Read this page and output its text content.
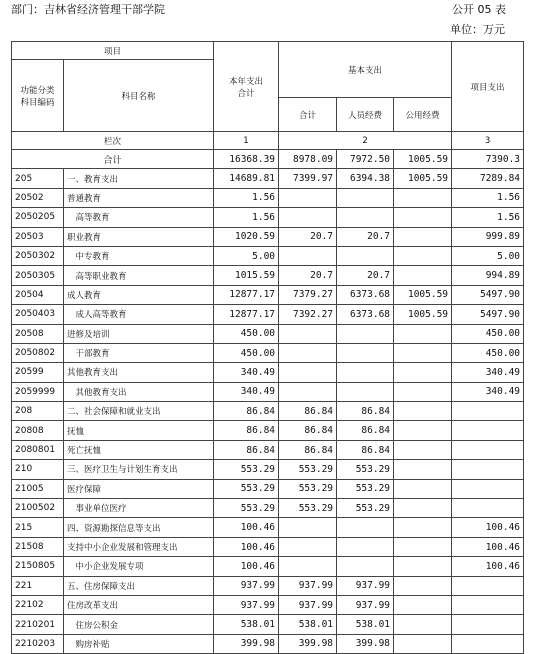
部门：吉林省经济管理干部学院	公开 05 表
单位：万元
项目		本年支出
合计	基本支出			项目支出
功能分类
科目编码	科目名称					
			合计	人员经费	公用经费	
栏次		1	2			3
合计		16368.39	8978.09	7972.50	1005.59	7390.3
205	一、教育支出	14689.81	7399.97	6394.38	1005.59	7289.84
20502	普通教育	1.56				1.56
2050205	　高等教育	1.56				1.56
20503	职业教育	1020.59	20.7	20.7		999.89
2050302	　中专教育	5.00				5.00
2050305	　高等职业教育	1015.59	20.7	20.7		994.89
20504	成人教育	12877.17	7379.27	6373.68	1005.59	5497.90
2050403	　成人高等教育	12877.17	7392.27	6373.68	1005.59	5497.90
20508	进修及培训	450.00				450.00
2050802	　干部教育	450.00				450.00
20599	其他教育支出	340.49				340.49
2059999	　其他教育支出	340.49				340.49
208	二、社会保障和就业支出	86.84	86.84	86.84		
20808	抚恤	86.84	86.84	86.84		
2080801	死亡抚恤	86.84	86.84	86.84		
210	三、医疗卫生与计划生育支出	553.29	553.29	553.29		
21005	医疗保障	553.29	553.29	553.29		
2100502	　事业单位医疗	553.29	553.29	553.29		
215	四、资源勘探信息等支出	100.46				100.46
21508	支持中小企业发展和管理支出	100.46				100.46
2150805	　中小企业发展专项	100.46				100.46
221	五、住房保障支出	937.99	937.99	937.99		
22102	住房改革支出	937.99	937.99	937.99		
2210201	　住房公积金	538.01	538.01	538.01		
2210203	　购房补贴	399.98	399.98	399.98		
